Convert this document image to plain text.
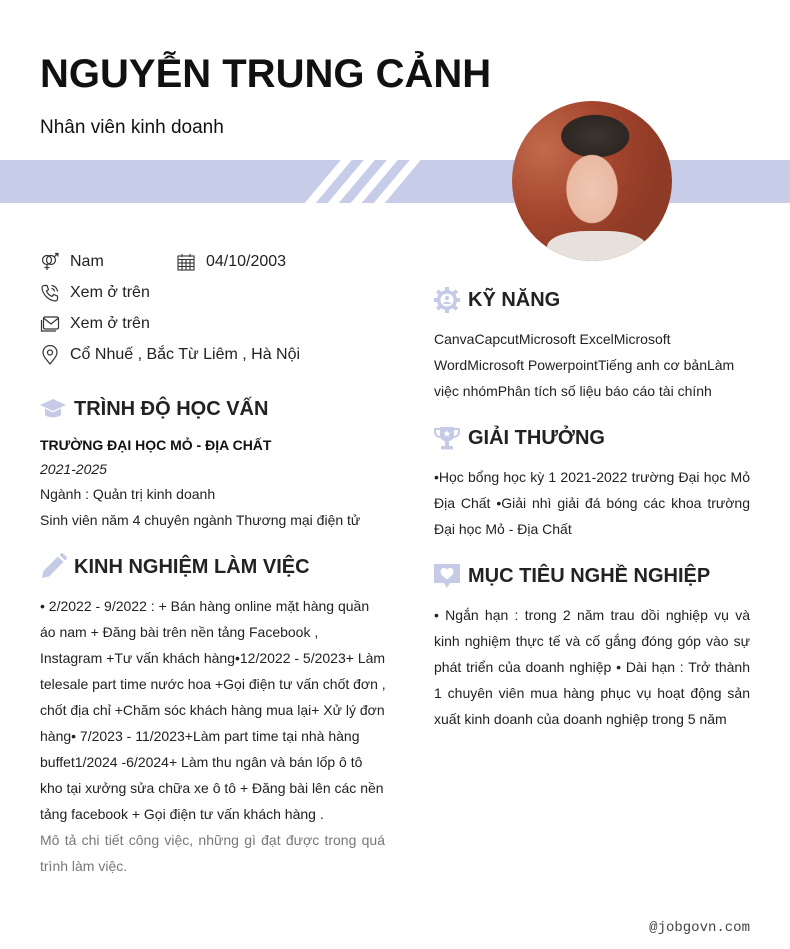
NGUYỄN TRUNG CẢNH
Nhân viên kinh doanh
Nam	04/10/2003
Xem ở trên
Xem ở trên
Cổ Nhuế , Bắc Từ Liêm , Hà Nội
TRÌNH ĐỘ HỌC VẤN
TRƯỜNG ĐẠI HỌC MỎ - ĐỊA CHẤT
2021-2025
Ngành : Quản trị kinh doanh
Sinh viên năm 4 chuyên ngành Thương mại điện tử
KINH NGHIỆM LÀM VIỆC
• 2/2022 - 9/2022 : + Bán hàng online mặt hàng quần
áo nam + Đăng bài trên nền tảng Facebook ,
Instagram +Tư vấn khách hàng•12/2022 - 5/2023+ Làm
telesale part time nước hoa +Gọi điện tư vấn chốt đơn ,
chốt địa chỉ +Chăm sóc khách hàng mua lại+ Xử lý đơn
hàng• 7/2023 - 11/2023+Làm part time tại nhà hàng
buffet1/2024 -6/2024+ Làm thu ngân và bán lốp ô tô
kho tại xưởng sửa chữa xe ô tô + Đăng bài lên các nền
tảng facebook + Gọi điện tư vấn khách hàng .
Mô tả chi tiết công việc, những gì đạt được trong quá trình làm việc.
KỸ NĂNG
CanvaCapcutMicrosoft ExcelMicrosoft WordMicrosoft PowerpointTiếng anh cơ bảnLàm việc nhómPhân tích số liệu báo cáo tài chính
GIẢI THƯỞNG
•Học bổng học kỳ 1 2021-2022 trường Đại học Mỏ Địa Chất •Giải nhì giải đá bóng các khoa trường Đại học Mỏ - Địa Chất
MỤC TIÊU NGHỀ NGHIỆP
• Ngắn hạn : trong 2 năm trau dồi nghiệp vụ và kinh nghiệm thực tế và cố gắng đóng góp vào sự phát triển của doanh nghiệp • Dài hạn : Trở thành 1 chuyên viên mua hàng phục vụ hoạt động sản xuất kinh doanh của doanh nghiệp trong 5 năm
@jobgovn.com
